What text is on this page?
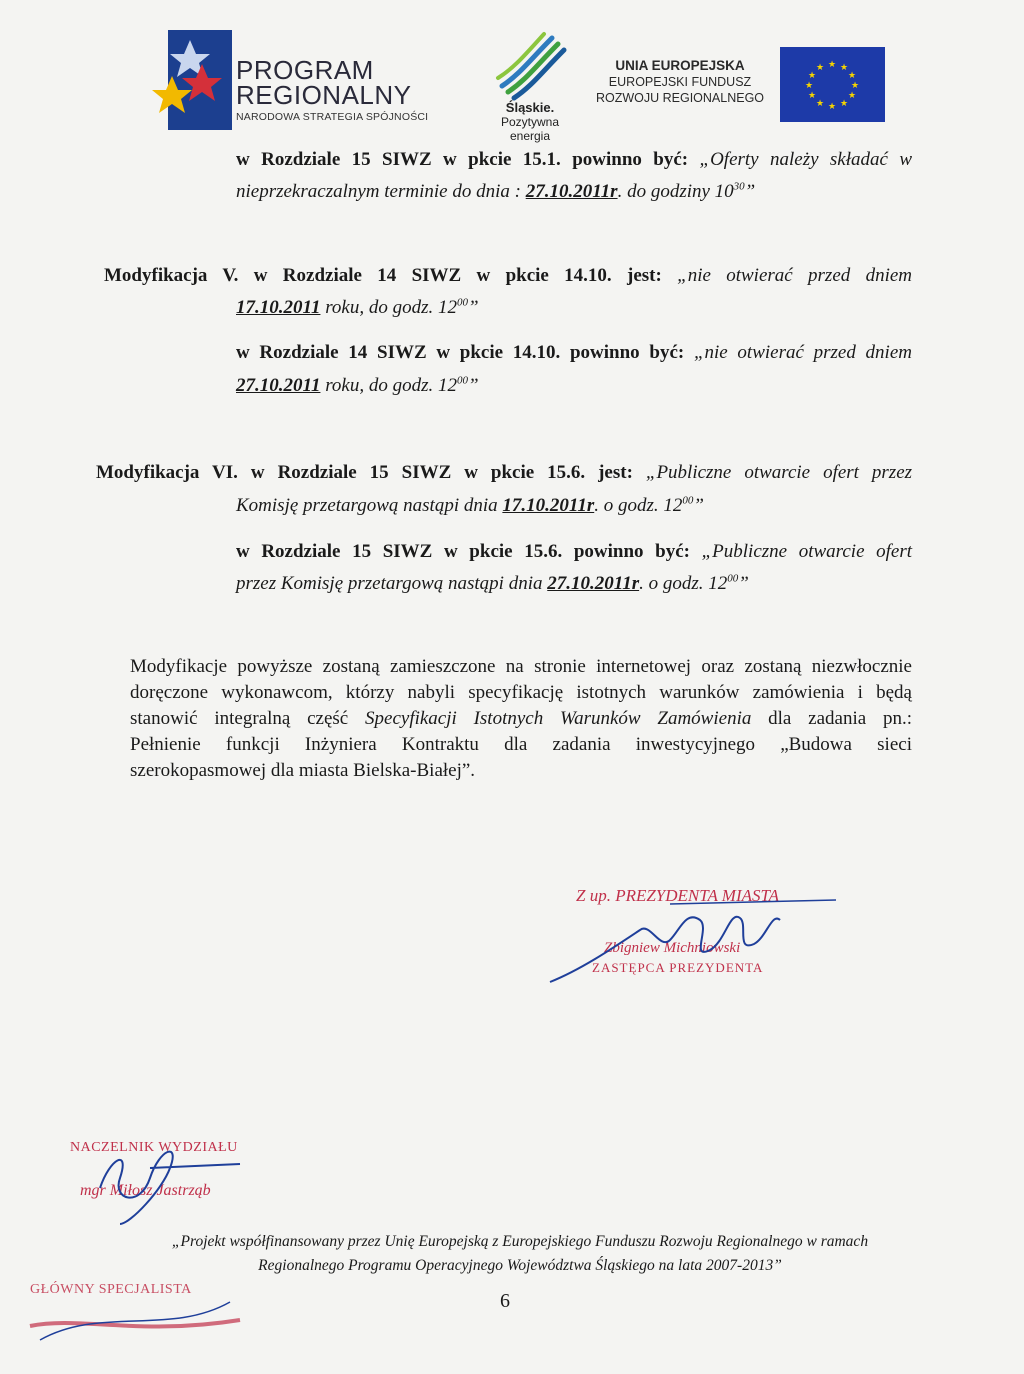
PROGRAM
REGIONALNY
NARODOWA STRATEGIA SPÓJNOŚCI
Śląskie.
Pozytywna energia
UNIA EUROPEJSKA
EUROPEJSKI FUNDUSZ
ROZWOJU REGIONALNEGO
★ ★
★
★
★
★
★
★
★
★
★
★
w Rozdziale 15 SIWZ w pkcie 15.1. powinno być: „Oferty należy składać w
nieprzekraczalnym terminie do dnia : 27.10.2011r. do godziny $10^{30}$”
Modyfikacja V. w Rozdziale 14 SIWZ w pkcie 14.10. jest: „nie otwierać przed dniem
17.10.2011 roku, do godz. $12^{00}$”
w Rozdziale 14 SIWZ w pkcie 14.10. powinno być: „nie otwierać przed dniem
27.10.2011 roku, do godz. $12^{00}$”
Modyfikacja VI. w Rozdziale 15 SIWZ w pkcie 15.6. jest: „Publiczne otwarcie ofert przez
Komisję przetargową nastąpi dnia 17.10.2011r. o godz. $12^{00}$”
w Rozdziale 15 SIWZ w pkcie 15.6. powinno być: „Publiczne otwarcie ofert
przez Komisję przetargową nastąpi dnia 27.10.2011r. o godz. $12^{00}$”
Modyfikacje powyższe zostaną zamieszczone na stronie internetowej oraz zostaną niezwłocznie
doręczone wykonawcom, którzy nabyli specyfikację istotnych warunków zamówienia i będą
stanowić integralną część Specyfikacji Istotnych Warunków Zamówienia dla zadania pn.:
Pełnienie funkcji Inżyniera Kontraktu dla zadania inwestycyjnego „Budowa sieci
szerokopasmowej dla miasta Bielska-Białej”.
Z up. PREZYDENTA MIASTA
Zbigniew Michniowski
ZASTĘPCA PREZYDENTA
NACZELNIK WYDZIAŁU
mgr Miłosz Jastrząb
„Projekt współfinansowany przez Unię Europejską z Europejskiego Funduszu Rozwoju Regionalnego w ramach
Regionalnego Programu Operacyjnego Województwa Śląskiego na lata 2007-2013”
GŁÓWNY SPECJALISTA
6
